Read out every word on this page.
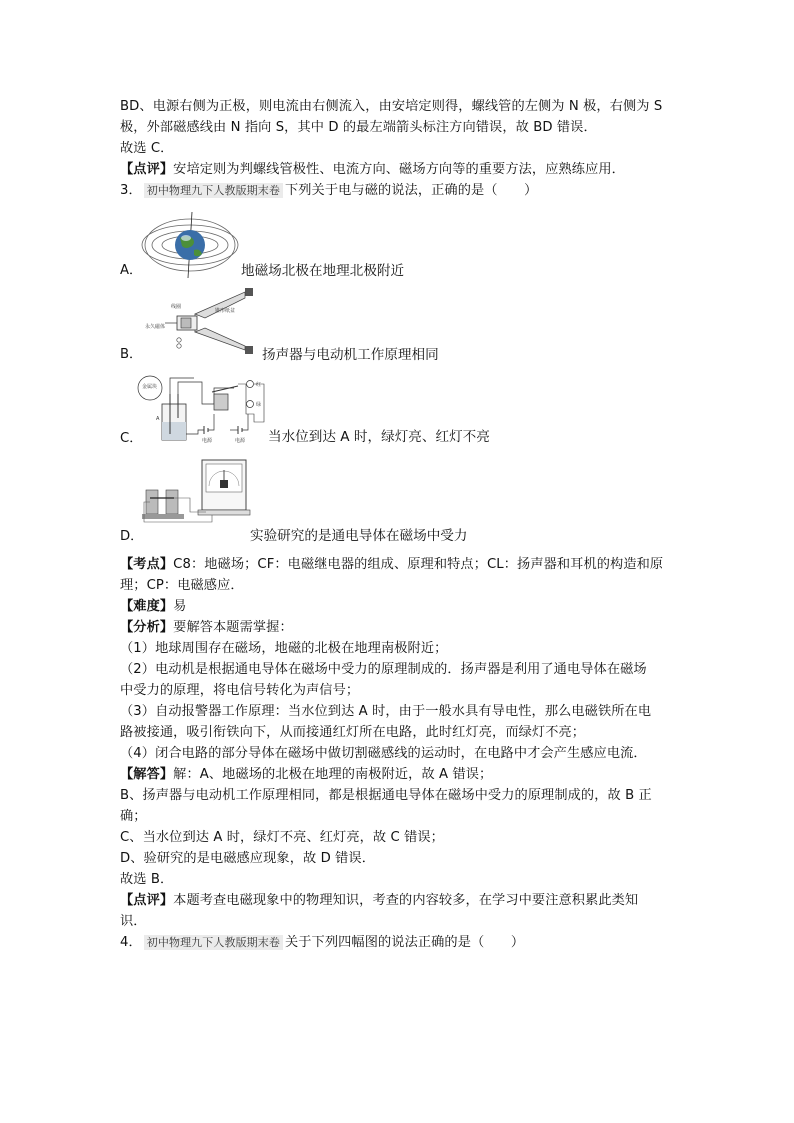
BD、电源右侧为正极，则电流由右侧流入，由安培定则得，螺线管的左侧为 N 极，右侧为 S
极，外部磁感线由 N 指向 S，其中 D 的最左端箭头标注方向错误，故 BD 错误．
故选 C．
【点评】安培定则为判螺线管极性、电流方向、磁场方向等的重要方法，应熟练应用．
3． 初中物理九下人教版期末卷 下列关于电与磁的说法，正确的是（　　）
A．	地磁场北极在地理北极附近
B．
线圈
锥形纸盆
永久磁体
扬声器与电动机工作原理相同
C．
金属块	红
绿
电源	电源
A
当水位到达 A 时，绿灯亮、红灯不亮
D．	实验研究的是通电导体在磁场中受力
【考点】C8：地磁场；CF：电磁继电器的组成、原理和特点；CL：扬声器和耳机的构造和原
理；CP：电磁感应．
【难度】易
【分析】要解答本题需掌握：
（1）地球周围存在磁场，地磁的北极在地理南极附近；
（2）电动机是根据通电导体在磁场中受力的原理制成的．扬声器是利用了通电导体在磁场
中受力的原理，将电信号转化为声信号；
（3）自动报警器工作原理：当水位到达 A 时，由于一般水具有导电性，那么电磁铁所在电
路被接通，吸引衔铁向下，从而接通红灯所在电路，此时红灯亮，而绿灯不亮；
（4）闭合电路的部分导体在磁场中做切割磁感线的运动时，在电路中才会产生感应电流．
【解答】解：A、地磁场的北极在地理的南极附近，故 A 错误；
B、扬声器与电动机工作原理相同，都是根据通电导体在磁场中受力的原理制成的，故 B 正
确；
C、当水位到达 A 时，绿灯不亮、红灯亮，故 C 错误；
D、验研究的是电磁感应现象，故 D 错误．
故选 B．
【点评】本题考查电磁现象中的物理知识，考查的内容较多，在学习中要注意积累此类知
识．
4． 初中物理九下人教版期末卷 关于下列四幅图的说法正确的是（　　）
